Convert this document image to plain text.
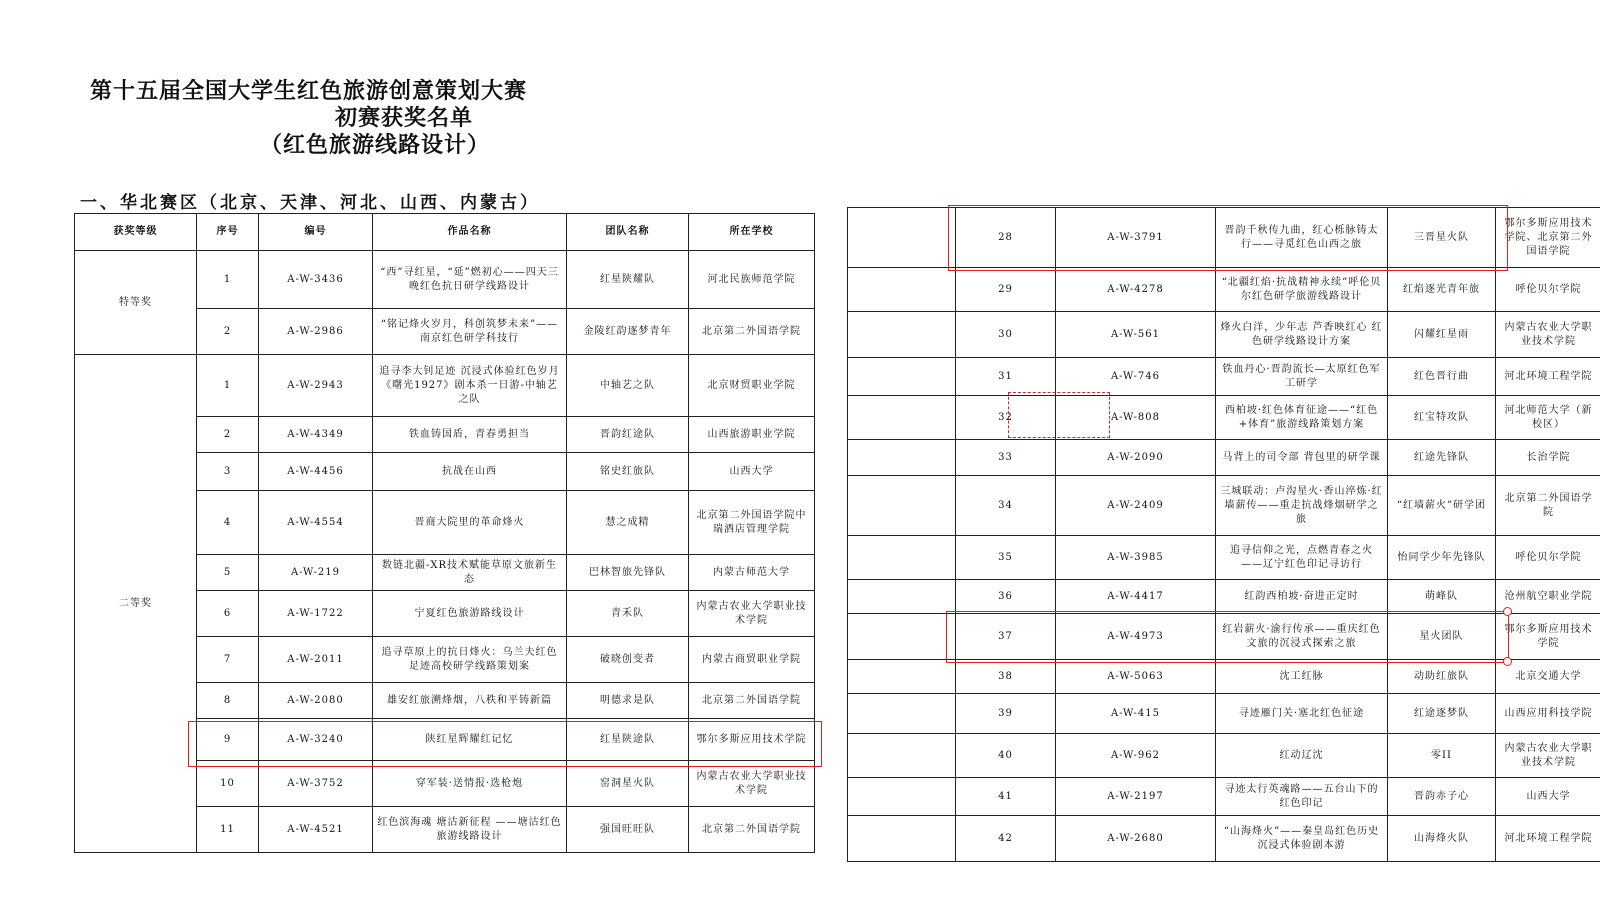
第十五届全国大学生红色旅游创意策划大赛
初赛获奖名单
（红色旅游线路设计）
一、华北赛区（北京、天津、河北、山西、内蒙古）
获奖等级	序号	编号	作品名称	团队名称	所在学校
特等奖	1	A-W-3436	“西”寻红星，“延”燃初心——四天三晚红色抗日研学线路设计	红星陕耀队	河北民族师范学院
	2	A-W-2986	“铭记烽火岁月，科创筑梦未来”——南京红色研学科技行	金陵红韵逐梦青年	北京第二外国语学院
二等奖	1	A-W-2943	追寻李大钊足迹 沉浸式体验红色岁月《曙光1927》剧本杀一日游-中轴艺之队	中轴艺之队	北京财贸职业学院
	2	A-W-4349	铁血铸国盾，青春勇担当	晋韵红途队	山西旅游职业学院
	3	A-W-4456	抗战在山西	铭史红旅队	山西大学
	4	A-W-4554	晋商大院里的革命烽火	慧之成精	北京第二外国语学院中瑞酒店管理学院
	5	A-W-219	数链北疆-XR技术赋能草原文旅新生态	巴林智旅先锋队	内蒙古师范大学
	6	A-W-1722	宁夏红色旅游路线设计	青禾队	内蒙古农业大学职业技术学院
	7	A-W-2011	追寻草原上的抗日烽火：乌兰夫红色足迹高校研学线路策划案	破晓创变者	内蒙古商贸职业学院
	8	A-W-2080	雄安红旅溯烽烟，八秩和平铸新篇	明德求是队	北京第二外国语学院
	9	A-W-3240	陕红星辉耀红记忆	红星陕途队	鄂尔多斯应用技术学院
	10	A-W-3752	穿军装·送情报·选枪炮	窑洞星火队	内蒙古农业大学职业技术学院
	11	A-W-4521	红色滨海魂 塘沽新征程 ——塘沽红色旅游线路设计	强国旺旺队	北京第二外国语学院
	28	A-W-3791	晋韵千秋传九曲，红心栎脉铸太行——寻觅红色山西之旅	三晋星火队	鄂尔多斯应用技术学院、北京第二外国语学院
	29	A-W-4278	“北疆红焰·抗战精神永续”呼伦贝尔红色研学旅游线路设计	红焰逐光青年旅	呼伦贝尔学院
	30	A-W-561	烽火白洋，少年志 芦香映红心 红色研学线路设计方案	闪耀红星雨	内蒙古农业大学职业技术学院
	31	A-W-746	铁血丹心·晋韵流长—太原红色军工研学	红色晋行曲	河北环境工程学院
	32	A-W-808	西柏坡·红色体育征途——“红色+体育”旅游线路策划方案	红宝特攻队	河北师范大学（新校区）
	33	A-W-2090	马背上的司令部 背包里的研学课	红途先锋队	长治学院
	34	A-W-2409	三城联动：卢沟星火·香山淬炼·红墙薪传——重走抗战烽烟研学之旅	“红墙薪火”研学团	北京第二外国语学院
	35	A-W-3985	追寻信仰之光，点燃青春之火——辽宁红色印记寻访行	怡同学少年先锋队	呼伦贝尔学院
	36	A-W-4417	红韵西柏坡·奋进正定时	萌峰队	沧州航空职业学院
	37	A-W-4973	红岩薪火·渝行传承——重庆红色文旅的沉浸式探索之旅	星火团队	鄂尔多斯应用技术学院
	38	A-W-5063	沈工红脉	动助红旅队	北京交通大学
	39	A-W-415	寻迹雁门关·塞北红色征途	红途逐梦队	山西应用科技学院
	40	A-W-962	红动辽沈	零II	内蒙古农业大学职业技术学院
	41	A-W-2197	寻迹太行英魂路——五台山下的红色印记	晋韵赤子心	山西大学
	42	A-W-2680	“山海烽火”——秦皇岛红色历史沉浸式体验剧本游	山海烽火队	河北环境工程学院
